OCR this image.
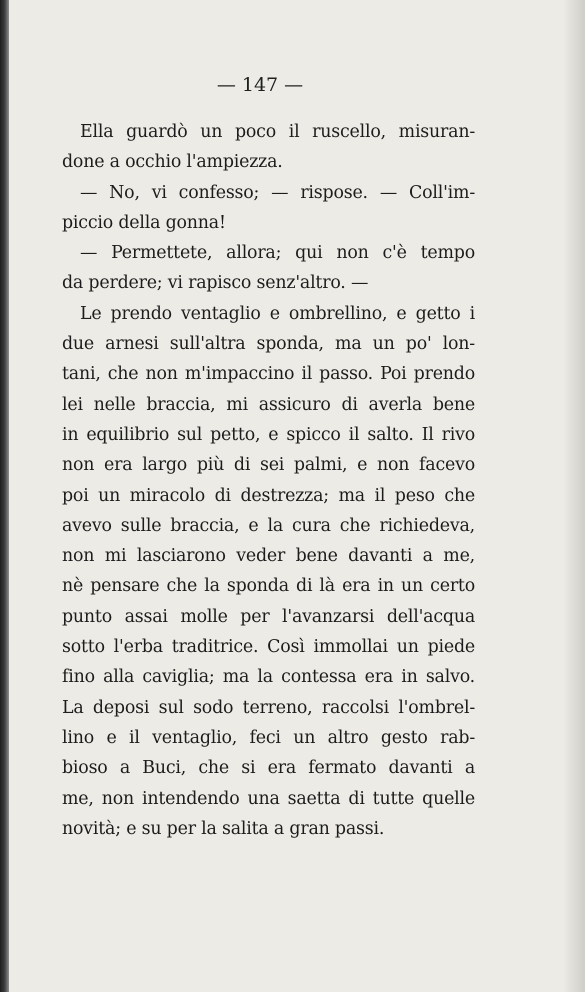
— 147 —
Ella guardò un poco il ruscello, misuran-
done a occhio l'ampiezza.
— No, vi confesso; — rispose. — Coll'im-
piccio della gonna!
— Permettete, allora; qui non c'è tempo
da perdere; vi rapisco senz'altro. —
Le prendo ventaglio e ombrellino, e getto i
due arnesi sull'altra sponda, ma un po' lon-
tani, che non m'impaccino il passo. Poi prendo
lei nelle braccia, mi assicuro di averla bene
in equilibrio sul petto, e spicco il salto. Il rivo
non era largo più di sei palmi, e non facevo
poi un miracolo di destrezza; ma il peso che
avevo sulle braccia, e la cura che richiedeva,
non mi lasciarono veder bene davanti a me,
nè pensare che la sponda di là era in un certo
punto assai molle per l'avanzarsi dell'acqua
sotto l'erba traditrice. Così immollai un piede
fino alla caviglia; ma la contessa era in salvo.
La deposi sul sodo terreno, raccolsi l'ombrel-
lino e il ventaglio, feci un altro gesto rab-
bioso a Buci, che si era fermato davanti a
me, non intendendo una saetta di tutte quelle
novità; e su per la salita a gran passi.
